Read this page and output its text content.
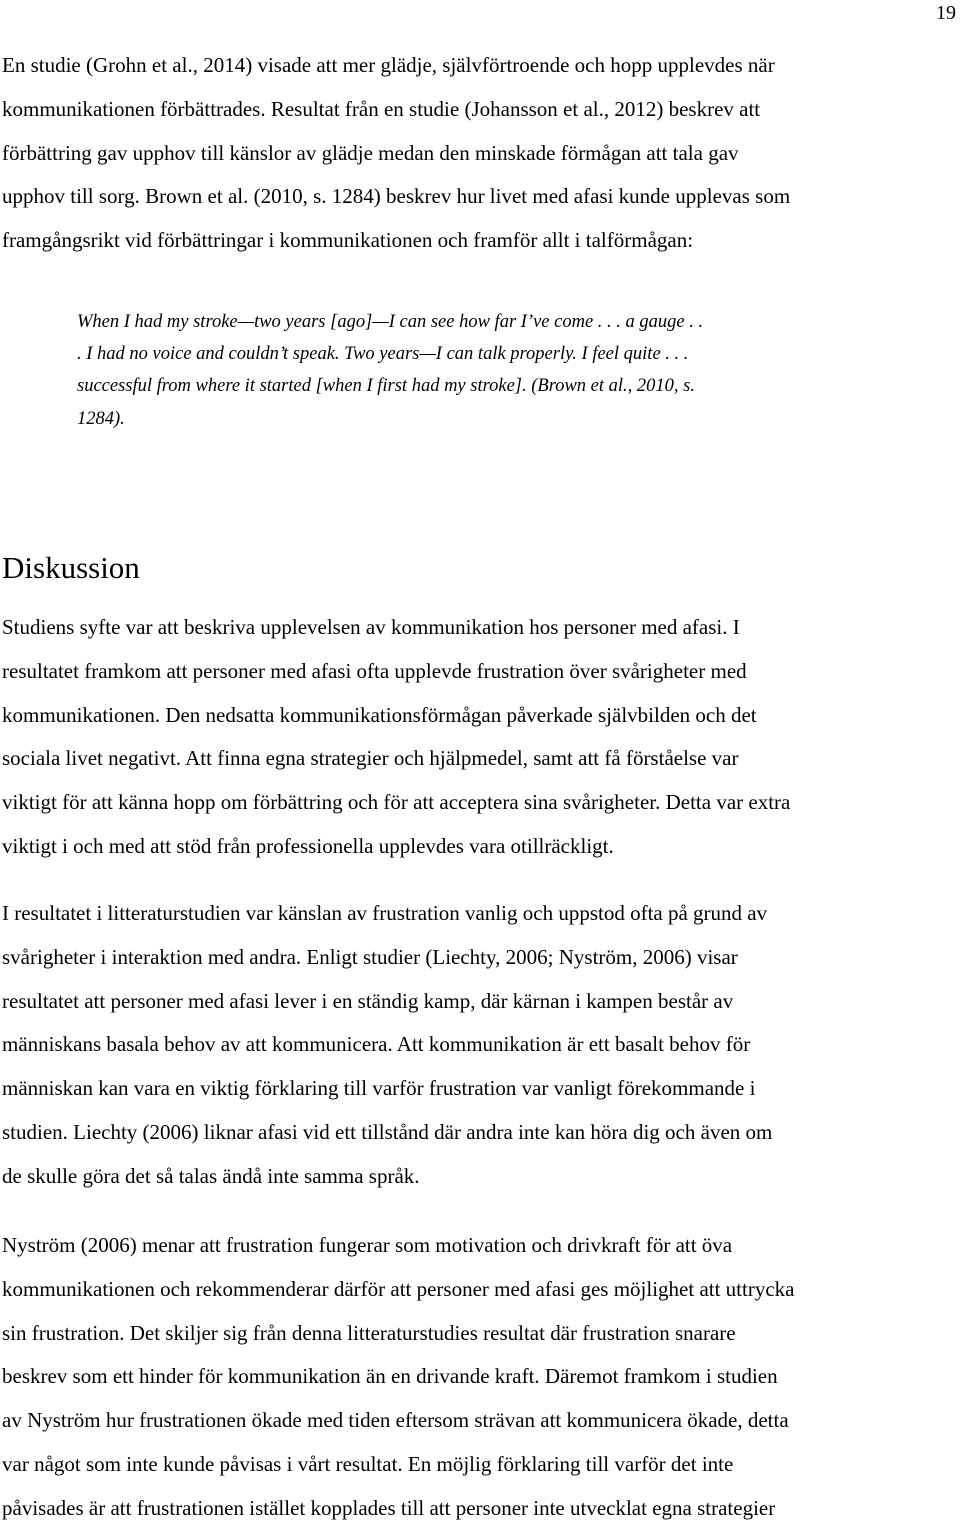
19

En studie (Grohn et al., 2014) visade att mer glädje, självförtroende och hopp upplevdes när
kommunikationen förbättrades. Resultat från en studie (Johansson et al., 2012) beskrev att
förbättring gav upphov till känslor av glädje medan den minskade förmågan att tala gav
upphov till sorg. Brown et al. (2010, s. 1284) beskrev hur livet med afasi kunde upplevas som
framgångsrikt vid förbättringar i kommunikationen och framför allt i talförmågan:

When I had my stroke—two years [ago]—I can see how far I’ve come . . . a gauge . .
. I had no voice and couldn’t speak. Two years—I can talk properly. I feel quite . . .
successful from where it started [when I first had my stroke]. (Brown et al., 2010, s.
1284).
Diskussion

Studiens syfte var att beskriva upplevelsen av kommunikation hos personer med afasi. I
resultatet framkom att personer med afasi ofta upplevde frustration över svårigheter med
kommunikationen. Den nedsatta kommunikationsförmågan påverkade självbilden och det
sociala livet negativt. Att finna egna strategier och hjälpmedel, samt att få förståelse var
viktigt för att känna hopp om förbättring och för att acceptera sina svårigheter. Detta var extra
viktigt i och med att stöd från professionella upplevdes vara otillräckligt.

I resultatet i litteraturstudien var känslan av frustration vanlig och uppstod ofta på grund av
svårigheter i interaktion med andra. Enligt studier (Liechty, 2006; Nyström, 2006) visar
resultatet att personer med afasi lever i en ständig kamp, där kärnan i kampen består av
människans basala behov av att kommunicera. Att kommunikation är ett basalt behov för
människan kan vara en viktig förklaring till varför frustration var vanligt förekommande i
studien. Liechty (2006) liknar afasi vid ett tillstånd där andra inte kan höra dig och även om
de skulle göra det så talas ändå inte samma språk.

Nyström (2006) menar att frustration fungerar som motivation och drivkraft för att öva
kommunikationen och rekommenderar därför att personer med afasi ges möjlighet att uttrycka
sin frustration. Det skiljer sig från denna litteraturstudies resultat där frustration snarare
beskrev som ett hinder för kommunikation än en drivande kraft. Däremot framkom i studien
av Nyström hur frustrationen ökade med tiden eftersom strävan att kommunicera ökade, detta
var något som inte kunde påvisas i vårt resultat. En möjlig förklaring till varför det inte
påvisades är att frustrationen istället kopplades till att personer inte utvecklat egna strategier
